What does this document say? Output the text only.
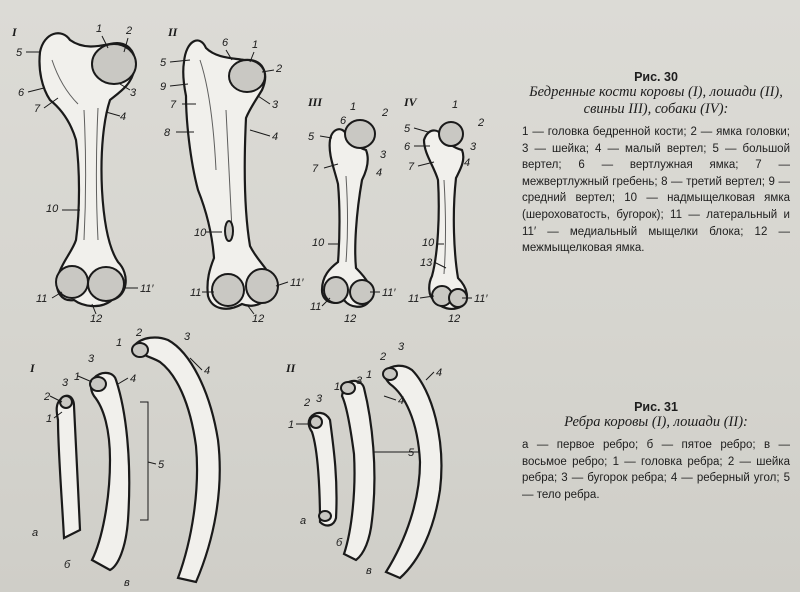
I	1 2
3
4
5
6
7
10
11
11′
12
II
1
2
3
4
5
6
7
8
9
10
11
11′
12
III	1 2
3
4
5
6
7
10
11
11′
12
IV	1
2
3
4
5
6
7
10
11	11′
12
13
I
1
2
3 1
3
1
2	3
4
4
5
а
б
в
II
1
2 3
1 3 1
2
3
4
4
5
а
б
в
Рис. 30
Бедренные кости коровы (I), лошади (II), свиньи III), собаки (IV):
1 — головка бедренной кости; 2 — ямка головки; 3 — шейка; 4 — малый вертел; 5 — большой вертел; 6 — вертлужная ямка; 7 — межвертлужный гребень; 8 — третий вертел; 9 — средний вертел; 10 — надмыщелковая ямка (шероховатость, бугорок); 11 — латеральный и 11′ — медиальный мыщелки блока; 12 — межмыщелковая ямка.
Рис. 31
Ребра коровы (I), лошади (II):
а — первое ребро; б — пятое ребро; в — восьмое ребро; 1 — головка ребра; 2 — шейка ребра; 3 — бугорок ребра; 4 — реберный угол; 5 — тело ребра.
